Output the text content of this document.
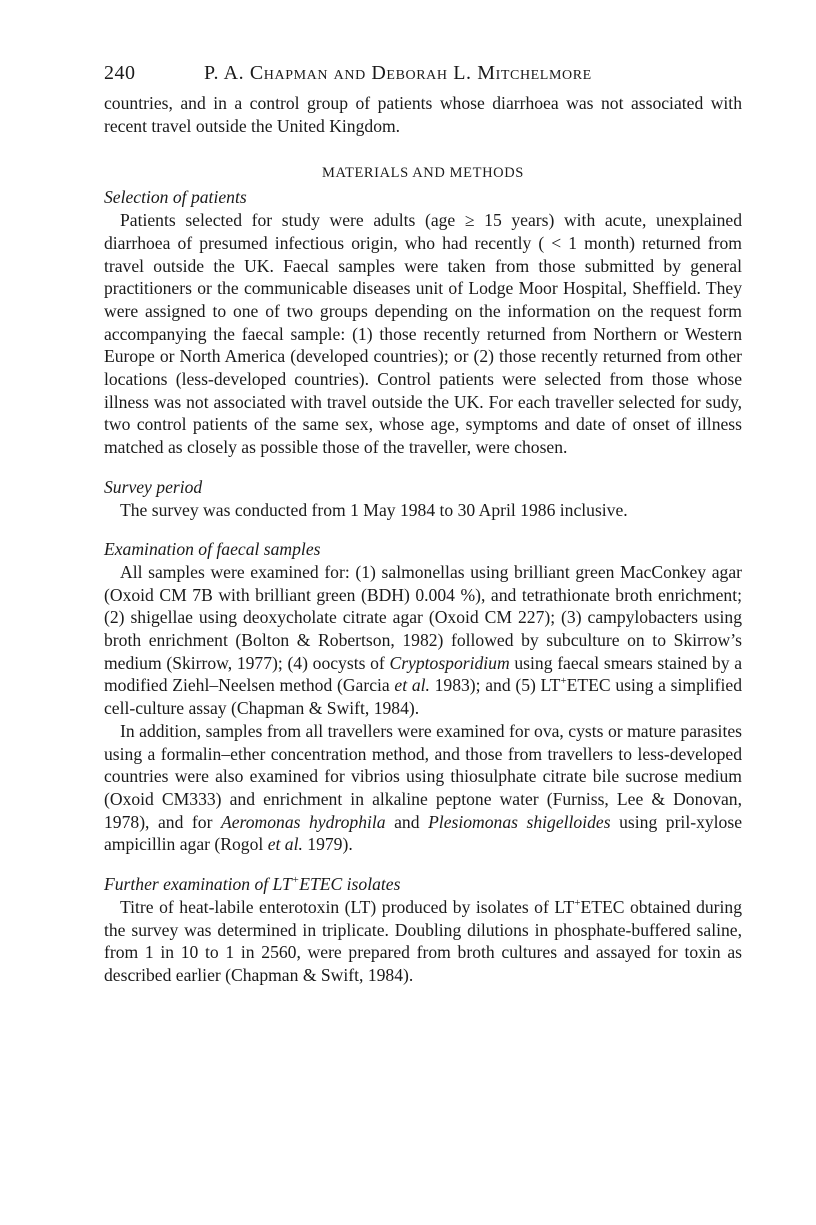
240	P. A. Chapman and Deborah L. Mitchelmore

countries, and in a control group of patients whose diarrhoea was not associated with recent travel outside the United Kingdom.

MATERIALS AND METHODS
Selection of patients

Patients selected for study were adults (age ≥ 15 years) with acute, unexplained diarrhoea of presumed infectious origin, who had recently ( < 1 month) returned from travel outside the UK. Faecal samples were taken from those submitted by general practitioners or the communicable diseases unit of Lodge Moor Hospital, Sheffield. They were assigned to one of two groups depending on the information on the request form accompanying the faecal sample: (1) those recently returned from Northern or Western Europe or North America (developed countries); or (2) those recently returned from other locations (less-developed countries). Control patients were selected from those whose illness was not associated with travel outside the UK. For each traveller selected for sudy, two control patients of the same sex, whose age, symptoms and date of onset of illness matched as closely as possible those of the traveller, were chosen.

Survey period

The survey was conducted from 1 May 1984 to 30 April 1986 inclusive.

Examination of faecal samples

All samples were examined for: (1) salmonellas using brilliant green MacConkey agar (Oxoid CM 7B with brilliant green (BDH) 0.004 %), and tetrathionate broth enrichment; (2) shigellae using deoxycholate citrate agar (Oxoid CM 227); (3) campylobacters using broth enrichment (Bolton & Robertson, 1982) followed by subculture on to Skirrow’s medium (Skirrow, 1977); (4) oocysts of Cryptosporidium using faecal smears stained by a modified Ziehl–Neelsen method (Garcia et al. 1983); and (5) LT+ETEC using a simplified cell-culture assay (Chapman & Swift, 1984).

In addition, samples from all travellers were examined for ova, cysts or mature parasites using a formalin–ether concentration method, and those from travellers to less-developed countries were also examined for vibrios using thiosulphate citrate bile sucrose medium (Oxoid CM333) and enrichment in alkaline peptone water (Furniss, Lee & Donovan, 1978), and for Aeromonas hydrophila and Plesiomonas shigelloides using pril-xylose ampicillin agar (Rogol et al. 1979).

Further examination of LT+ETEC isolates

Titre of heat-labile enterotoxin (LT) produced by isolates of LT+ETEC obtained during the survey was determined in triplicate. Doubling dilutions in phosphate-buffered saline, from 1 in 10 to 1 in 2560, were prepared from broth cultures and assayed for toxin as described earlier (Chapman & Swift, 1984).
